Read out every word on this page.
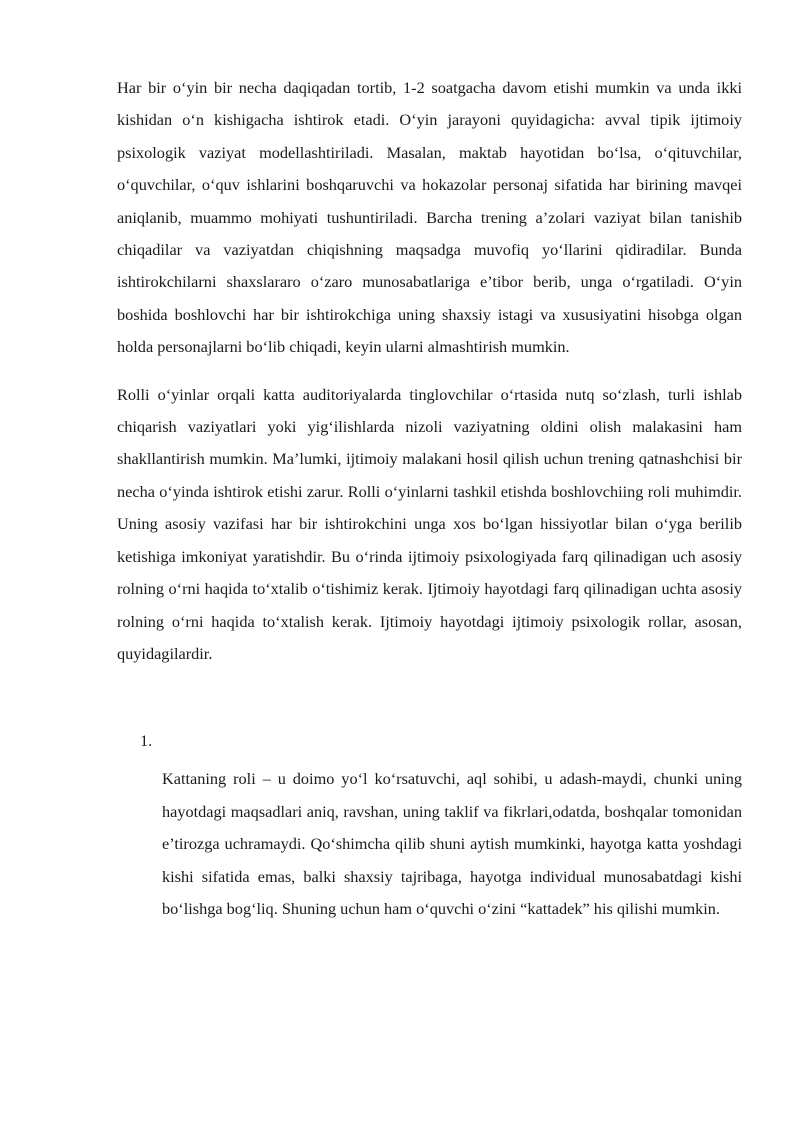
Har bir o‘yin bir necha daqiqadan tortib, 1-2 soatgacha davom etishi mumkin va unda ikki kishidan o‘n kishigacha ishtirok etadi. O‘yin jarayoni quyidagicha: avval tipik ijtimoiy psixologik vaziyat modellashtiriladi. Masalan, maktab hayotidan bo‘lsa, o‘qituvchilar, o‘quvchilar, o‘quv ishlarini boshqaruvchi va hokazolar personaj sifatida har birining mavqei aniqlanib, muammo mohiyati tushuntiriladi. Barcha trening a’zolari vaziyat bilan tanishib chiqadilar va vaziyatdan chiqishning maqsadga muvofiq yo‘llarini qidiradilar. Bunda ishtirokchilarni shaxslararo o‘zaro munosabatlariga e’tibor berib, unga o‘rgatiladi. O‘yin boshida boshlovchi har bir ishtirokchiga uning shaxsiy istagi va xususiyatini hisobga olgan holda personajlarni bo‘lib chiqadi, keyin ularni almashtirish mumkin.

Rolli o‘yinlar orqali katta auditoriyalarda tinglovchilar o‘rtasida nutq so‘zlash, turli ishlab chiqarish vaziyatlari yoki yig‘ilishlarda nizoli vaziyatning oldini olish malakasini ham shakllantirish mumkin. Ma’lumki, ijtimoiy malakani hosil qilish uchun trening qatnashchisi bir necha o‘yinda ishtirok etishi zarur. Rolli o‘yinlarni tashkil etishda boshlovchiing roli muhimdir. Uning asosiy vazifasi har bir ishtirokchini unga xos bo‘lgan hissiyotlar bilan o‘yga berilib ketishiga imkoniyat yaratishdir. Bu o‘rinda ijtimoiy psixologiyada farq qilinadigan uch asosiy rolning o‘rni haqida to‘xtalib o‘tishimiz kerak. Ijtimoiy hayotdagi farq qilinadigan uchta asosiy rolning o‘rni haqida to‘xtalish kerak. Ijtimoiy hayotdagi ijtimoiy psixologik rollar, asosan, quyidagilardir.

1.

Kattaning roli – u doimo yo‘l ko‘rsatuvchi, aql sohibi, u adash-maydi, chunki uning hayotdagi maqsadlari aniq, ravshan, uning taklif va fikrlari,odatda, boshqalar tomonidan e’tirozga uchramaydi. Qo‘shimcha qilib shuni aytish mumkinki, hayotga katta yoshdagi kishi sifatida emas, balki shaxsiy tajribaga, hayotga individual munosabatdagi kishi bo‘lishga bog‘liq. Shuning uchun ham o‘quvchi o‘zini “kattadek” his qilishi mumkin.
